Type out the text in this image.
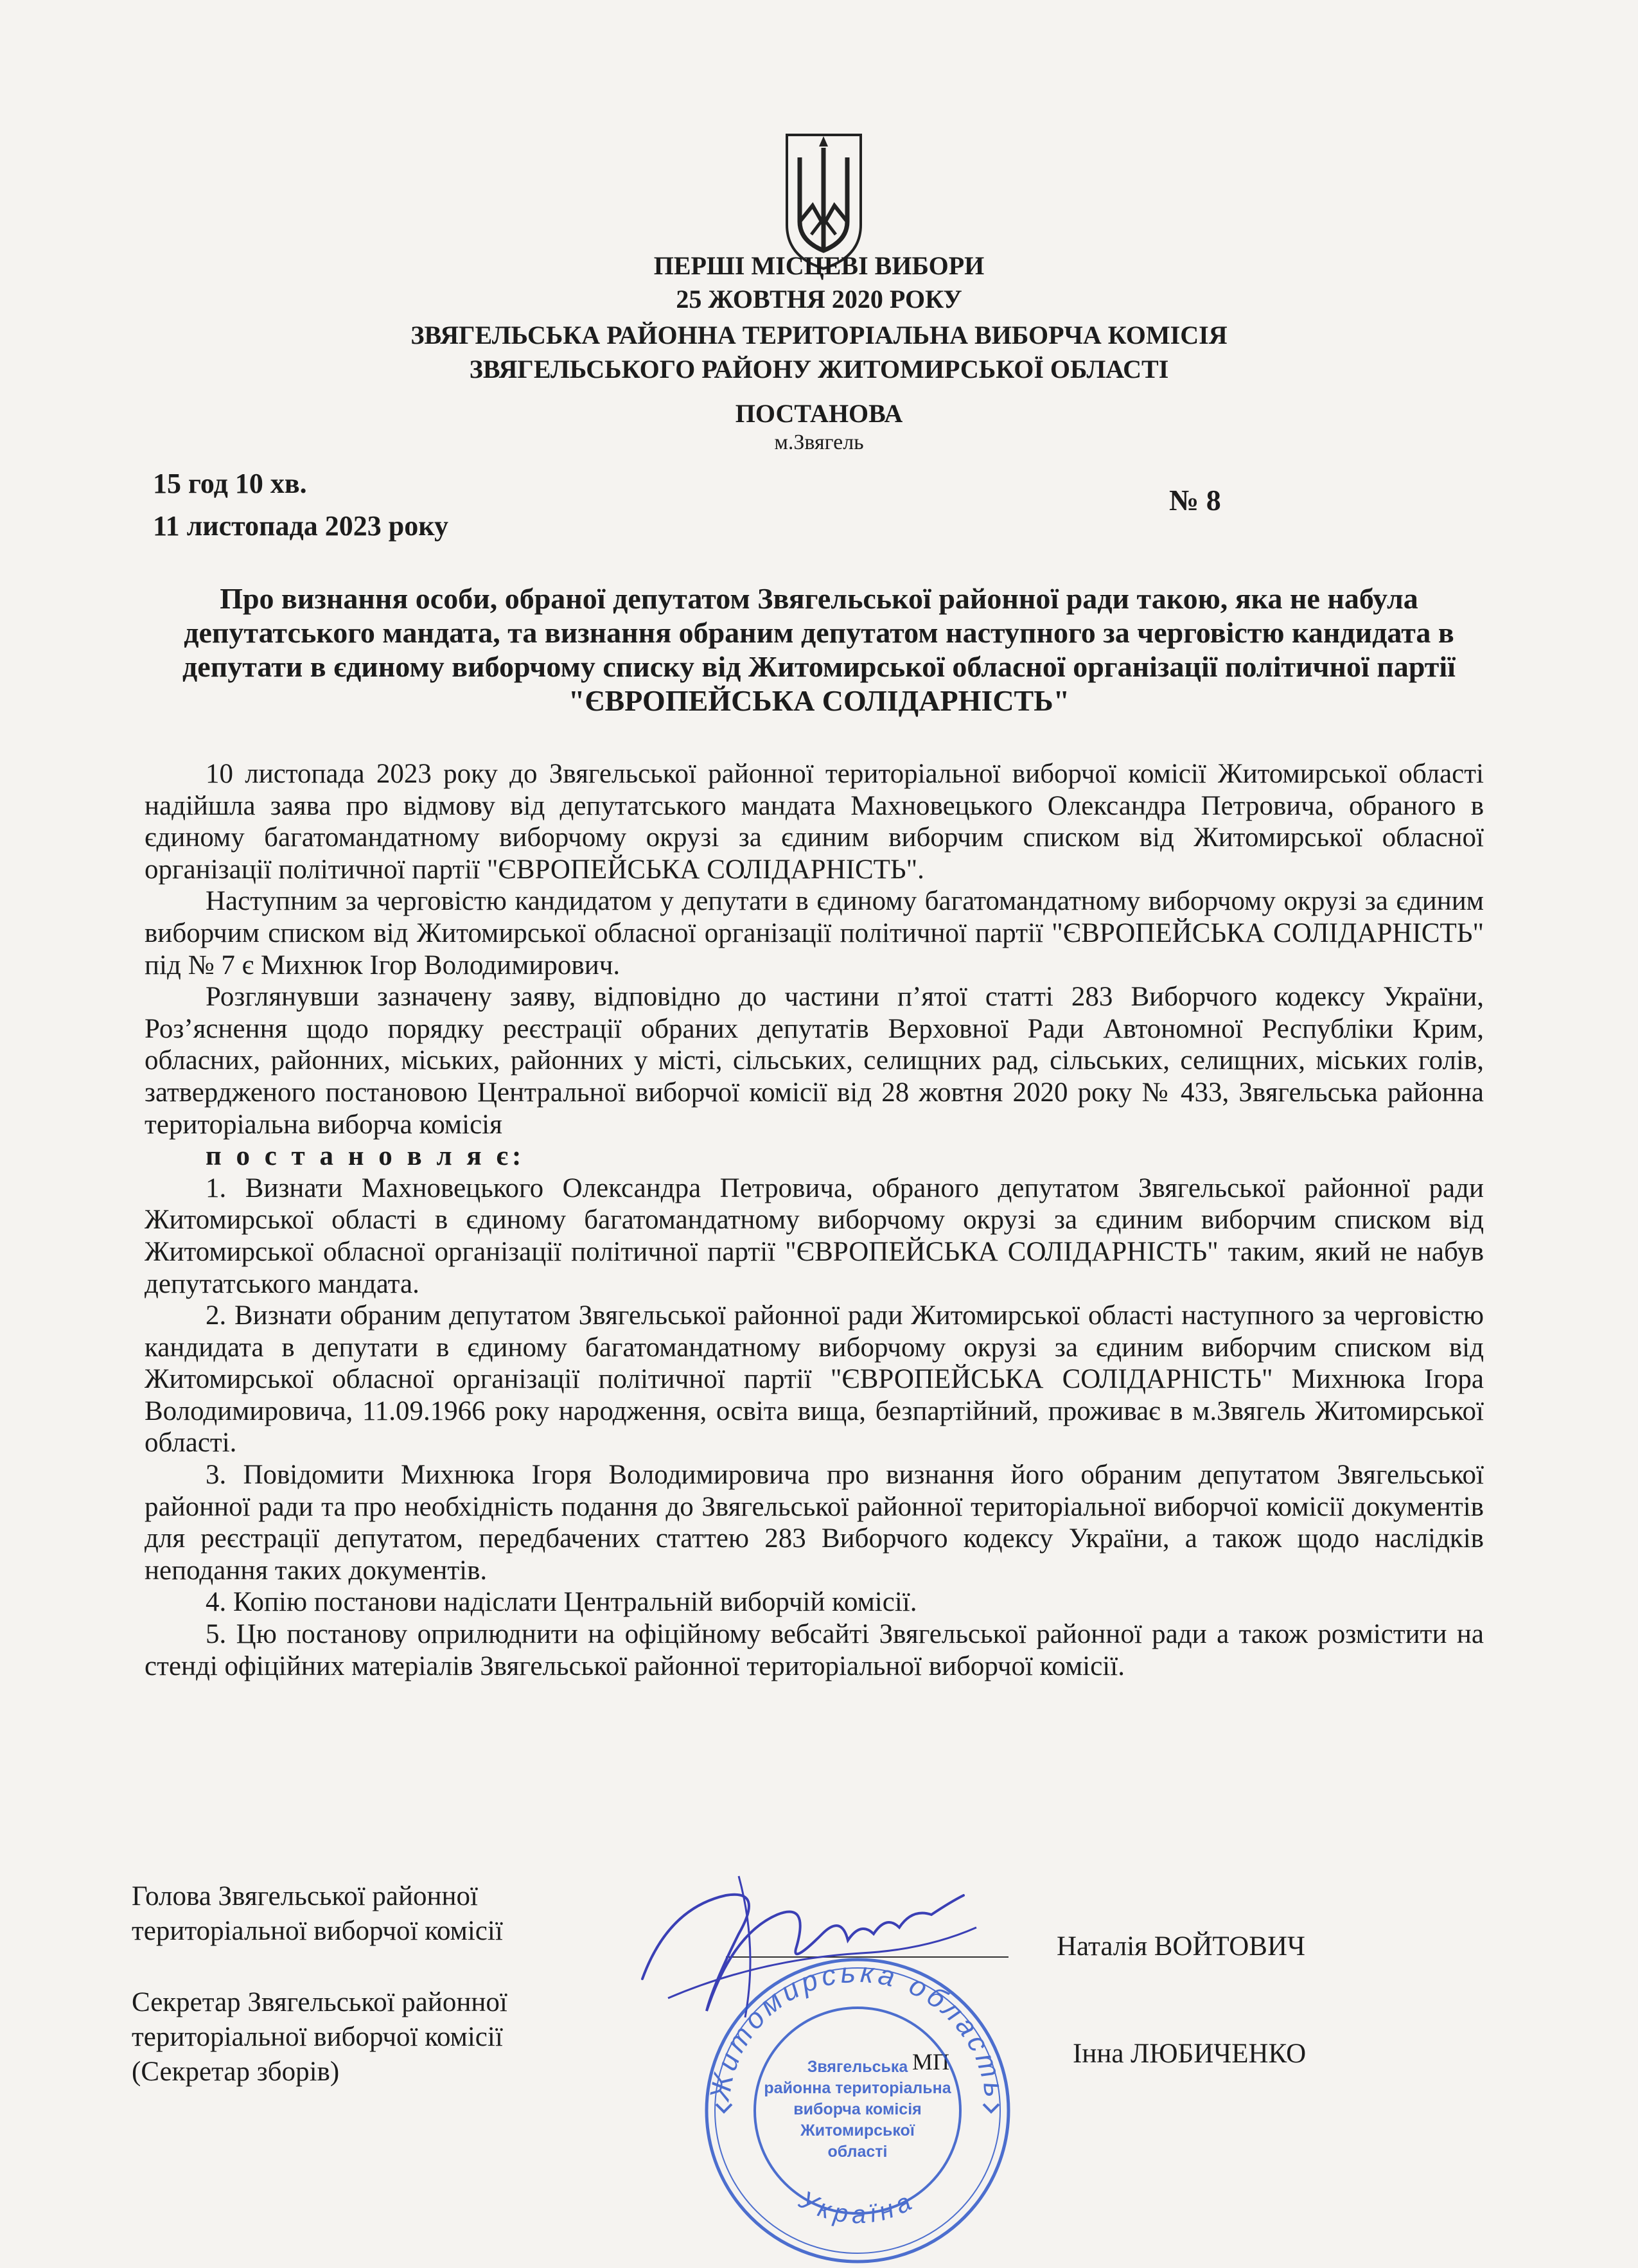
ПЕРШІ МІСЦЕВІ ВИБОРИ
25 ЖОВТНЯ 2020 РОКУ
ЗВЯГЕЛЬСЬКА РАЙОННА ТЕРИТОРІАЛЬНА ВИБОРЧА КОМІСІЯ
ЗВЯГЕЛЬСЬКОГО РАЙОНУ ЖИТОМИРСЬКОЇ ОБЛАСТІ
ПОСТАНОВА
м.Звягель
15 год 10 хв.
11 листопада 2023 року
№ 8
Про визнання особи, обраної депутатом Звягельської районної ради такою, яка не набула депутатського мандата, та визнання обраним депутатом наступного за черговістю кандидата в депутати в єдиному виборчому списку від Житомирської обласної організації політичної партії "ЄВРОПЕЙСЬКА СОЛІДАРНІСТЬ"

10 листопада 2023 року до Звягельської районної територіальної виборчої комісії Житомирської області надійшла заява про відмову від депутатського мандата Махновецького Олександра Петровича, обраного в єдиному багатомандатному виборчому окрузі за єдиним виборчим списком від Житомирської обласної організації політичної партії "ЄВРОПЕЙСЬКА СОЛІДАРНІСТЬ".

Наступним за черговістю кандидатом у депутати в єдиному багатомандатному виборчому окрузі за єдиним виборчим списком від Житомирської обласної організації політичної партії "ЄВРОПЕЙСЬКА СОЛІДАРНІСТЬ" під № 7 є Михнюк Ігор Володимирович.

Розглянувши зазначену заяву, відповідно до частини п’ятої статті 283 Виборчого кодексу України, Роз’яснення щодо порядку реєстрації обраних депутатів Верховної Ради Автономної Республіки Крим, обласних, районних, міських, районних у місті, сільських, селищних рад, сільських, селищних, міських голів, затвердженого постановою Центральної виборчої комісії від 28 жовтня 2020 року № 433, Звягельська районна територіальна виборча комісія

п о с т а н о в л я є:

1. Визнати Махновецького Олександра Петровича, обраного депутатом Звягельської районної ради Житомирської області в єдиному багатомандатному виборчому окрузі за єдиним виборчим списком від Житомирської обласної організації політичної партії "ЄВРОПЕЙСЬКА СОЛІДАРНІСТЬ" таким, який не набув депутатського мандата.

2. Визнати обраним депутатом Звягельської районної ради Житомирської області наступного за черговістю кандидата в депутати в єдиному багатомандатному виборчому окрузі за єдиним виборчим списком від Житомирської обласної організації політичної партії "ЄВРОПЕЙСЬКА СОЛІДАРНІСТЬ" Михнюка Ігора Володимировича, 11.09.1966 року народження, освіта вища, безпартійний, проживає в м.Звягель Житомирської області.

3. Повідомити Михнюка Ігоря Володимировича про визнання його обраним депутатом Звягельської районної ради та про необхідність подання до Звягельської районної територіальної виборчої комісії документів для реєстрації депутатом, передбачених статтею 283 Виборчого кодексу України, а також щодо наслідків неподання таких документів.

4. Копію постанови надіслати Центральній виборчій комісії.

5. Цю постанову оприлюднити на офіційному вебсайті Звягельської районної ради а також розмістити на стенді офіційних матеріалів Звягельської районної територіальної виборчої комісії.

Голова Звягельської районної
територіальної виборчої комісії
Наталія ВОЙТОВИЧ
Секретар Звягельської районної
територіальної виборчої комісії
(Секретар зборів)
Інна ЛЮБИЧЕНКО
МП
Житомирська область
Україна
Звягельська
районна територіальна
виборча комісія
Житомирської
області
